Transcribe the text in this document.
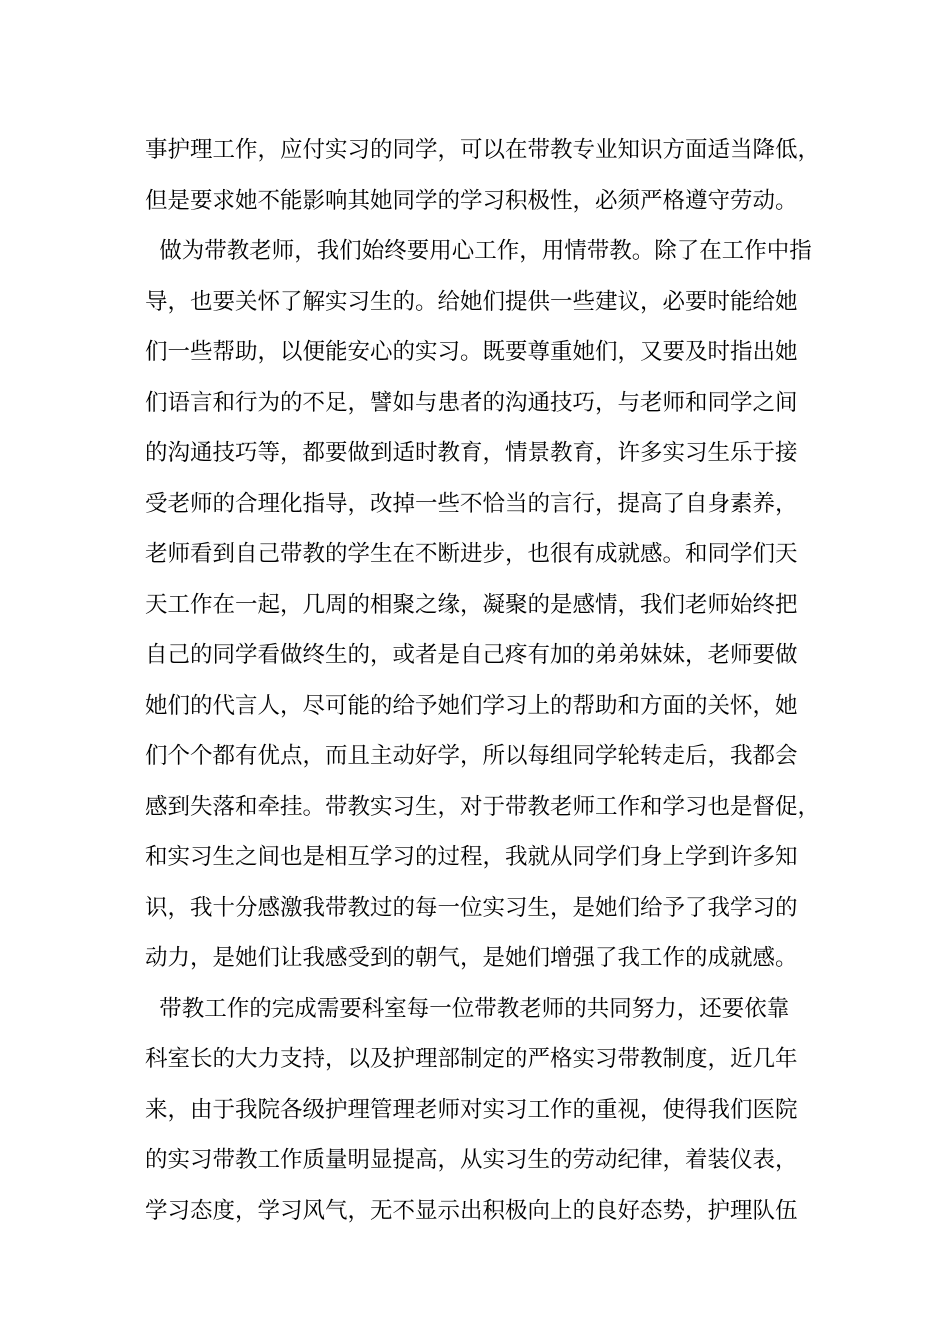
事护理工作，应付实习的同学，可以在带教专业知识方面适当降低，
但是要求她不能影响其她同学的学习积极性，必须严格遵守劳动。
做为带教老师，我们始终要用心工作，用情带教。除了在工作中指
导，也要关怀了解实习生的。给她们提供一些建议，必要时能给她
们一些帮助，以便能安心的实习。既要尊重她们，又要及时指出她
们语言和行为的不足，譬如与患者的沟通技巧，与老师和同学之间
的沟通技巧等，都要做到适时教育，情景教育，许多实习生乐于接
受老师的合理化指导，改掉一些不恰当的言行，提高了自身素养，
老师看到自己带教的学生在不断进步，也很有成就感。和同学们天
天工作在一起，几周的相聚之缘，凝聚的是感情，我们老师始终把
自己的同学看做终生的，或者是自己疼有加的弟弟妹妹，老师要做
她们的代言人，尽可能的给予她们学习上的帮助和方面的关怀，她
们个个都有优点，而且主动好学，所以每组同学轮转走后，我都会
感到失落和牵挂。带教实习生，对于带教老师工作和学习也是督促，
和实习生之间也是相互学习的过程，我就从同学们身上学到许多知
识，我十分感激我带教过的每一位实习生，是她们给予了我学习的
动力，是她们让我感受到的朝气，是她们增强了我工作的成就感。
带教工作的完成需要科室每一位带教老师的共同努力，还要依靠
科室长的大力支持，以及护理部制定的严格实习带教制度，近几年
来，由于我院各级护理管理老师对实习工作的重视，使得我们医院
的实习带教工作质量明显提高，从实习生的劳动纪律，着装仪表，
学习态度，学习风气，无不显示出积极向上的良好态势，护理队伍
